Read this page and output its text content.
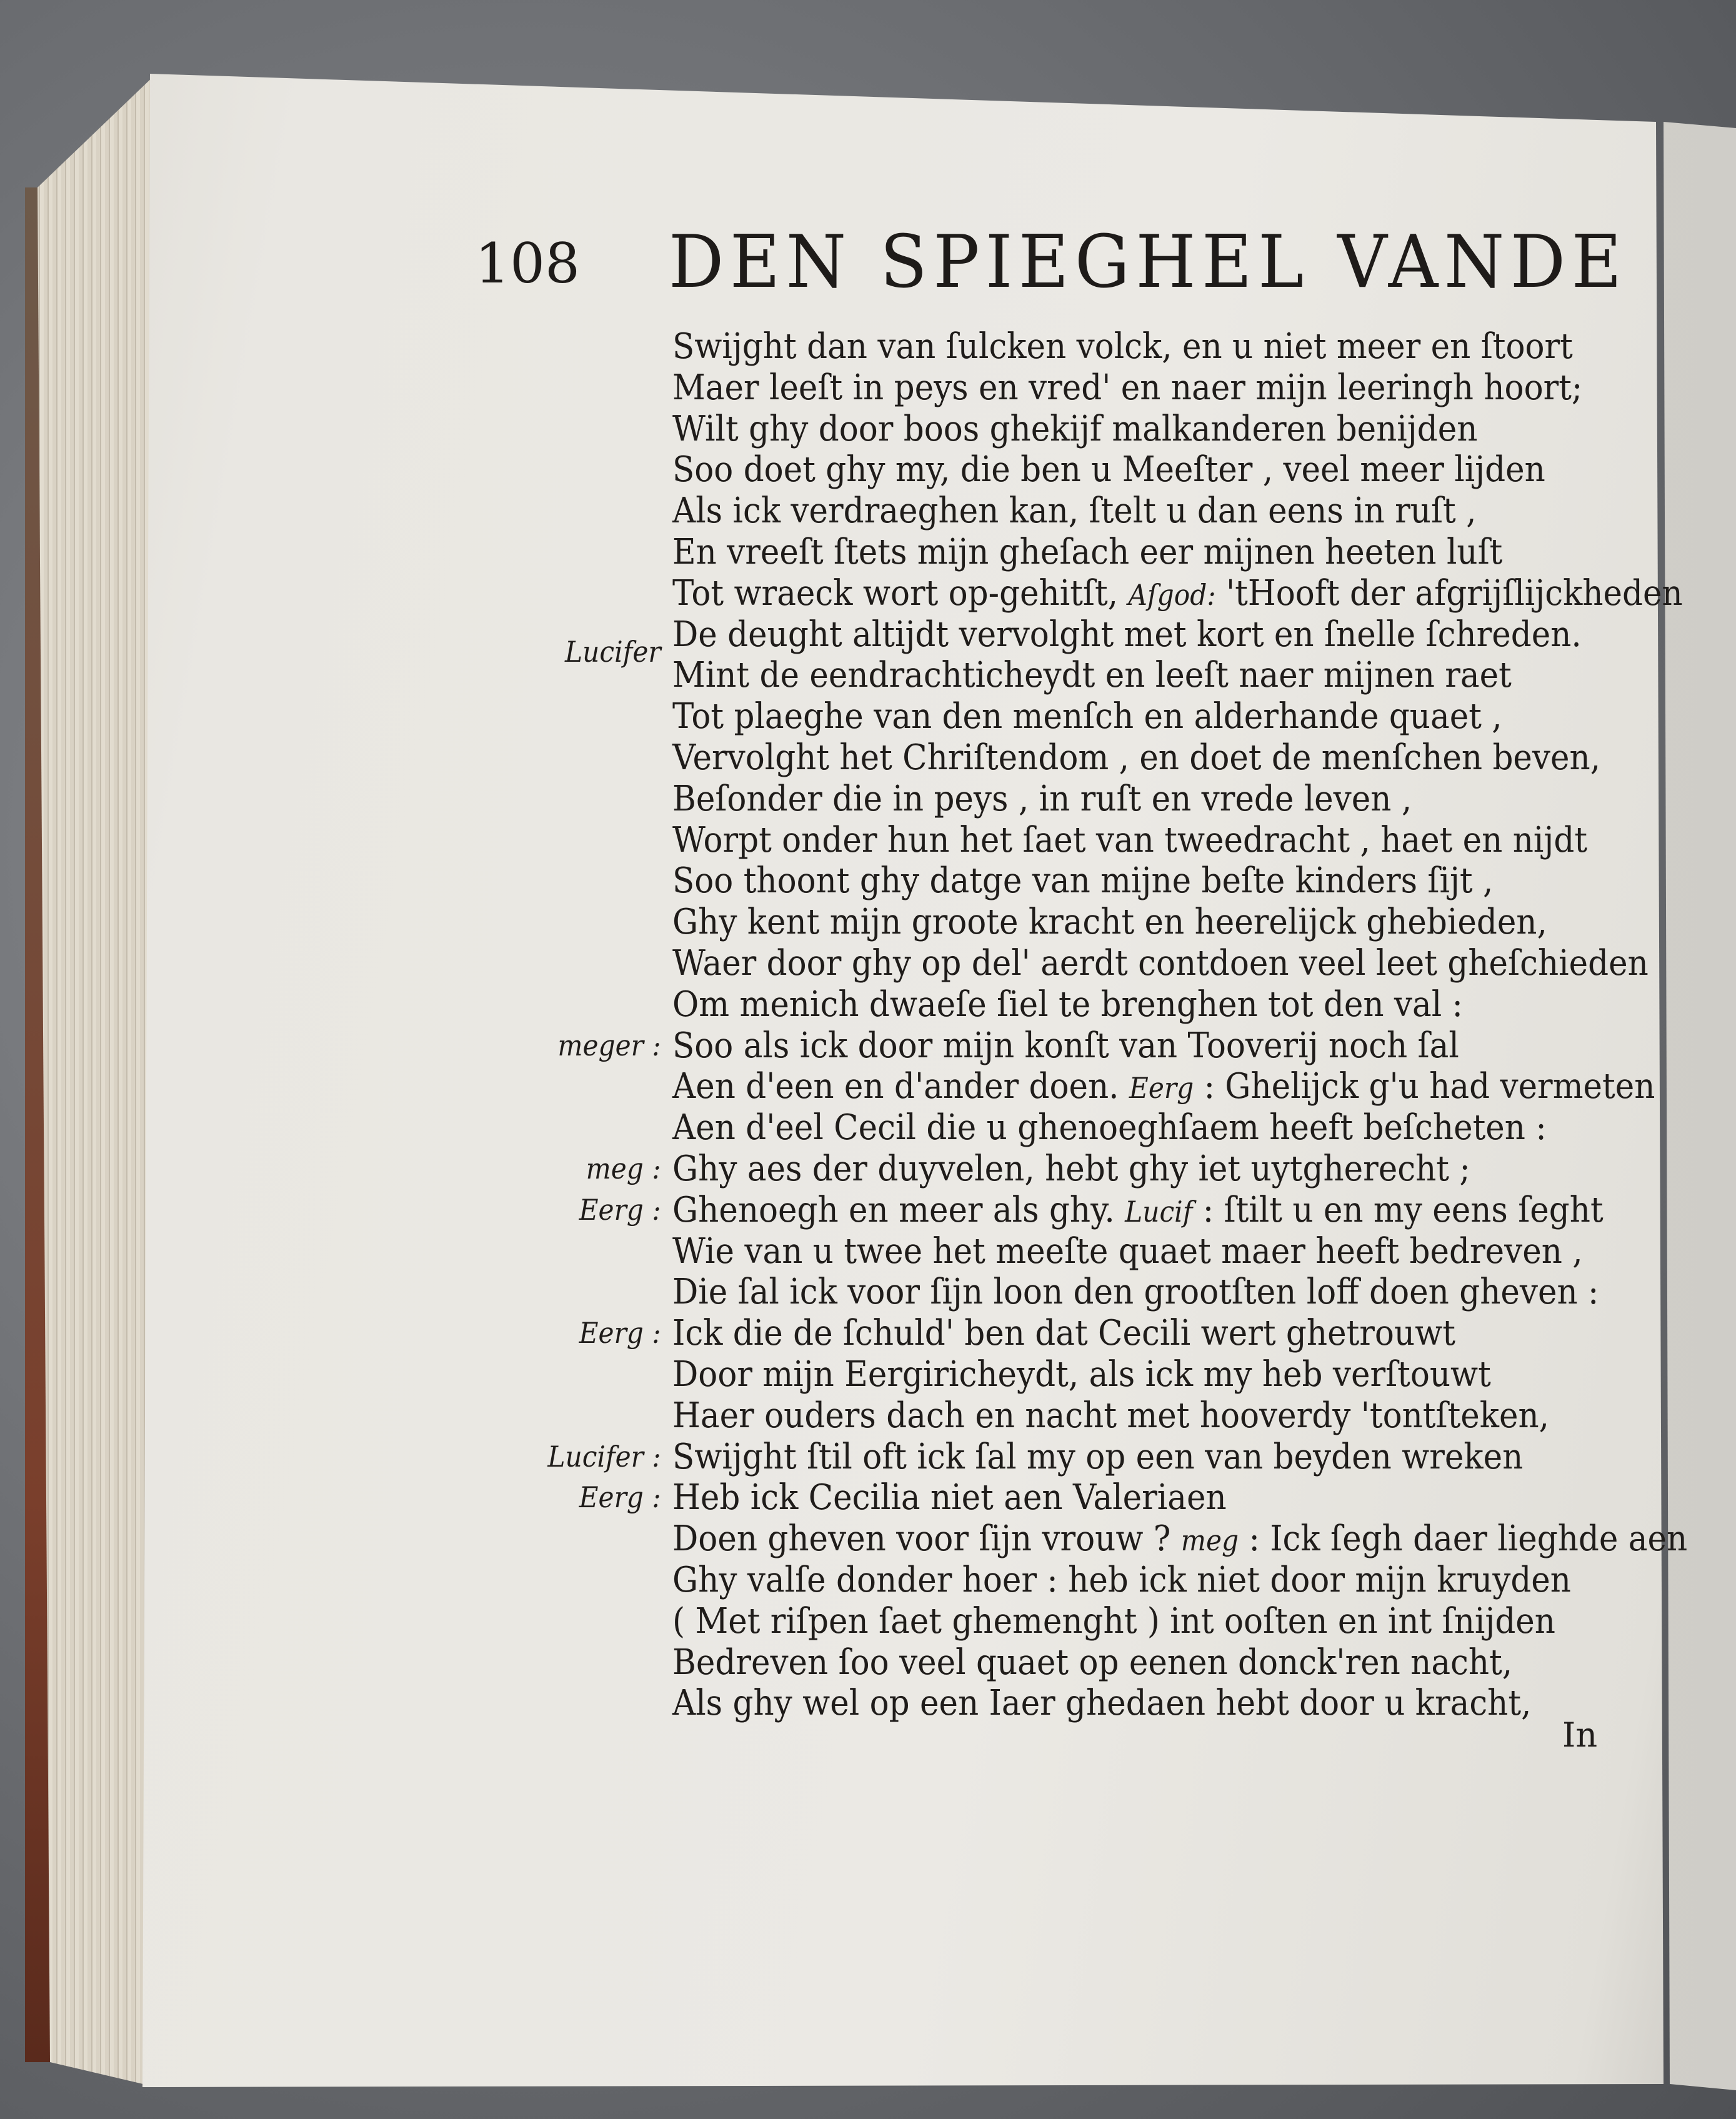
108 DEN SPIEGHEL VANDE
Swijght dan van ſulcken volck, en u niet meer en ſtoort
Maer leeſt in peys en vred' en naer mijn leeringh hoort;
Wilt ghy door boos ghekijf malkanderen benijden
Soo doet ghy my, die ben u Meeſter , veel meer lijden
Als ick verdraeghen kan, ſtelt u dan eens in ruſt ,
En vreeſt ſtets mijn gheſach eer mijnen heeten luſt
Tot wraeck wort op-gehitſt, Aſgod: 'tHooft der afgrijſlijckheden
Lucifer De deught altijdt vervolght met kort en ſnelle ſchreden.
Mint de eendrachticheydt en leeſt naer mijnen raet
Tot plaeghe van den menſch en alderhande quaet ,
Vervolght het Chriſtendom , en doet de menſchen beven,
Beſonder die in peys , in ruſt en vrede leven ,
Worpt onder hun het ſaet van tweedracht , haet en nijdt
Soo thoont ghy datge van mijne beſte kinders ſijt ,
Ghy kent mijn groote kracht en heerelijck ghebieden,
Waer door ghy op del' aerdt contdoen veel leet gheſchieden
Om menich dwaeſe ſiel te brenghen tot den val :
meger : Soo als ick door mijn konſt van Tooverij noch ſal
Aen d'een en d'ander doen. Eerg : Ghelijck g'u had vermeten
Aen d'eel Cecil die u ghenoeghſaem heeft beſcheten :
meg : Ghy aes der duyvelen, hebt ghy iet uytgherecht ;
Eerg : Ghenoegh en meer als ghy. Lucif : ſtilt u en my eens ſeght
Wie van u twee het meeſte quaet maer heeft bedreven ,
Die ſal ick voor ſijn loon den grootſten loff doen gheven :
Eerg : Ick die de ſchuld' ben dat Cecili wert ghetrouwt
Door mijn Eergiricheydt, als ick my heb verſtouwt
Haer ouders dach en nacht met hooverdy 'tontſteken,
Lucifer : Swijght ſtil oft ick ſal my op een van beyden wreken
Eerg : Heb ick Cecilia niet aen Valeriaen
Doen gheven voor ſijn vrouw ? meg : Ick ſegh daer lieghde aen
Ghy valſe donder hoer : heb ick niet door mijn kruyden
( Met riſpen ſaet ghemenght ) int ooſten en int ſnijden
Bedreven ſoo veel quaet op eenen donck'ren nacht,
Als ghy wel op een Iaer ghedaen hebt door u kracht,
In
